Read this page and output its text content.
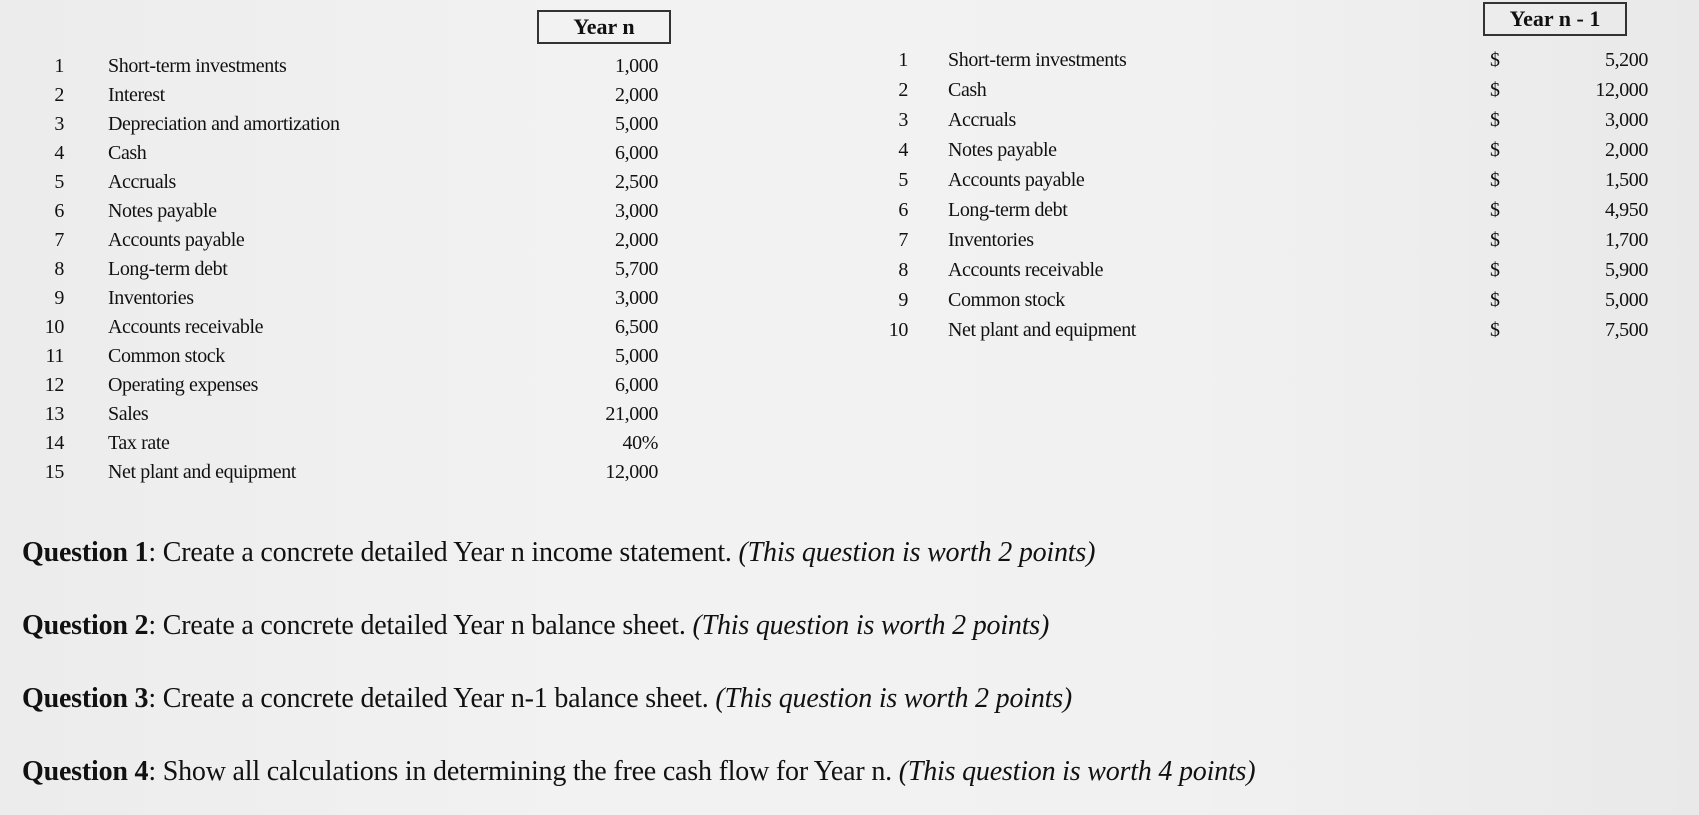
Year n	Year n - 1
1 Short-term investments	1,000
2 Interest	2,000
3 Depreciation and amortization	5,000
4 Cash	6,000
5 Accruals	2,500
6 Notes payable	3,000
7 Accounts payable	2,000
8 Long-term debt	5,700
9 Inventories	3,000
10 Accounts receivable	6,500
11 Common stock	5,000
12 Operating expenses	6,000
13 Sales	21,000
14 Tax rate	40%
15 Net plant and equipment	12,000
1 Short-term investments	$	5,200
2 Cash	$	12,000
3 Accruals	$	3,000
4 Notes payable	$	2,000
5 Accounts payable	$	1,500
6 Long-term debt	$	4,950
7 Inventories	$	1,700
8 Accounts receivable	$	5,900
9 Common stock	$	5,000
10 Net plant and equipment	$	7,500
Question 1: Create a concrete detailed Year n income statement. (This question is worth 2 points)
Question 2: Create a concrete detailed Year n balance sheet. (This question is worth 2 points)
Question 3: Create a concrete detailed Year n-1 balance sheet. (This question is worth 2 points)
Question 4: Show all calculations in determining the free cash flow for Year n. (This question is worth 4 points)
